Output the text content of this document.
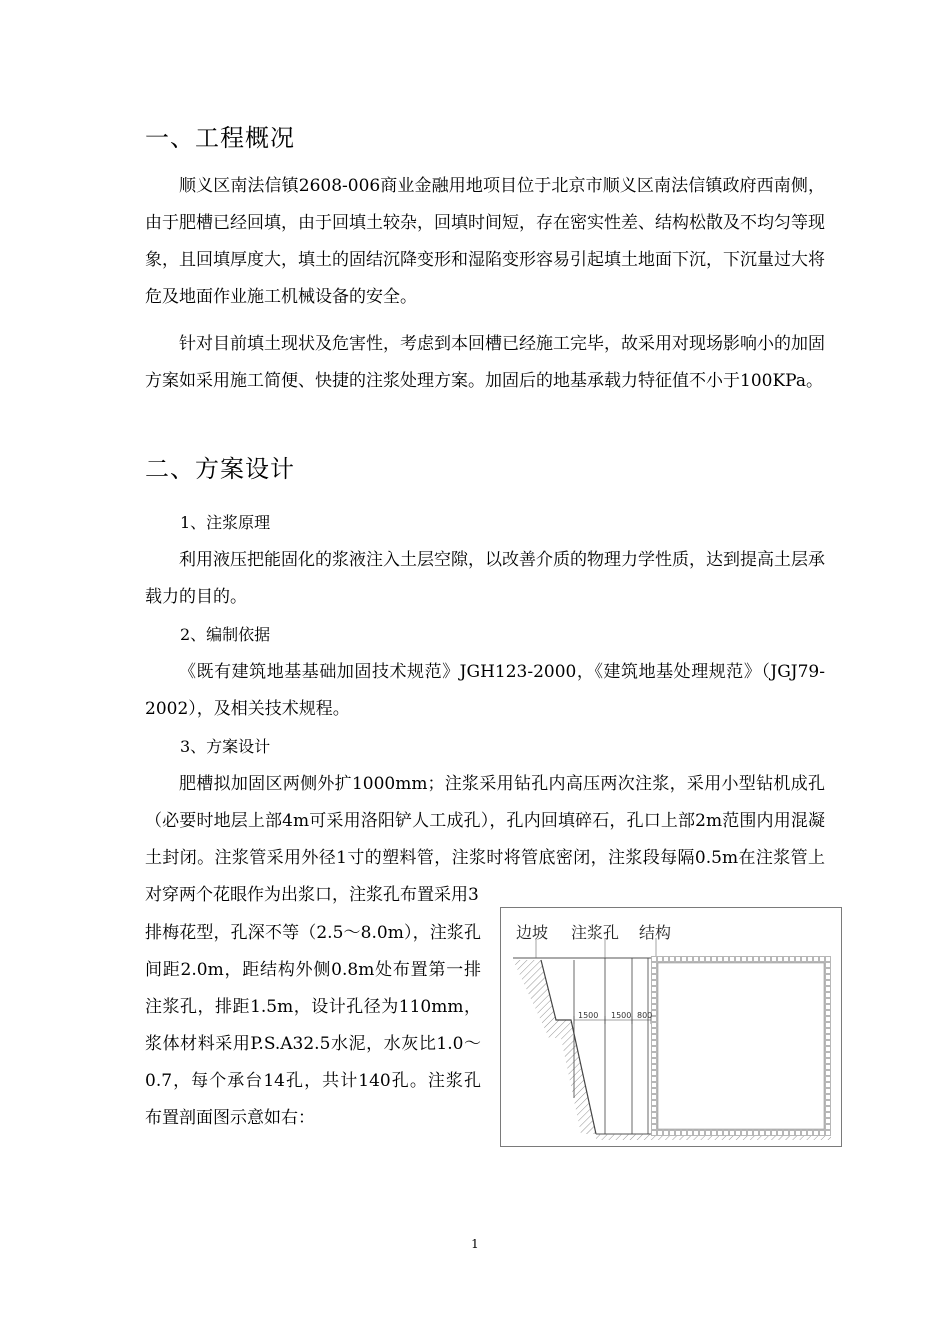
一、工程概况

顺义区南法信镇2608-006商业金融用地项目位于北京市顺义区南法信镇政府西南侧，由于肥槽已经回填，由于回填土较杂，回填时间短，存在密实性差、结构松散及不均匀等现象，且回填厚度大，填土的固结沉降变形和湿陷变形容易引起填土地面下沉，下沉量过大将危及地面作业施工机械设备的安全。

针对目前填土现状及危害性，考虑到本回槽已经施工完毕，故采用对现场影响小的加固方案如采用施工简便、快捷的注浆处理方案。加固后的地基承载力特征值不小于100KPa。

二、方案设计
1、注浆原理

利用液压把能固化的浆液注入土层空隙，以改善介质的物理力学性质，达到提高土层承载力的目的。

2、编制依据

《既有建筑地基基础加固技术规范》JGH123-2000，《建筑地基处理规范》（JGJ79-2002），及相关技术规程。

3、方案设计

肥槽拟加固区两侧外扩1000mm；注浆采用钻孔内高压两次注浆，采用小型钻机成孔（必要时地层上部4m可采用洛阳铲人工成孔），孔内回填碎石，孔口上部2m范围内用混凝土封闭。注浆管采用外径1寸的塑料管，注浆时将管底密闭，注浆段每隔0.5m在注浆管上对穿两个花眼作为出浆口，注浆孔布置采用3

排梅花型，孔深不等（2.5～8.0m），注浆孔间距2.0m，距结构外侧0.8m处布置第一排注浆孔，排距1.5m，设计孔径为110mm，浆体材料采用P.S.A32.5水泥，水灰比1.0～0.7，每个承台14孔，共计140孔。注浆孔布置剖面图示意如右：

边坡 注浆孔 结构
1500 1500 800
1
